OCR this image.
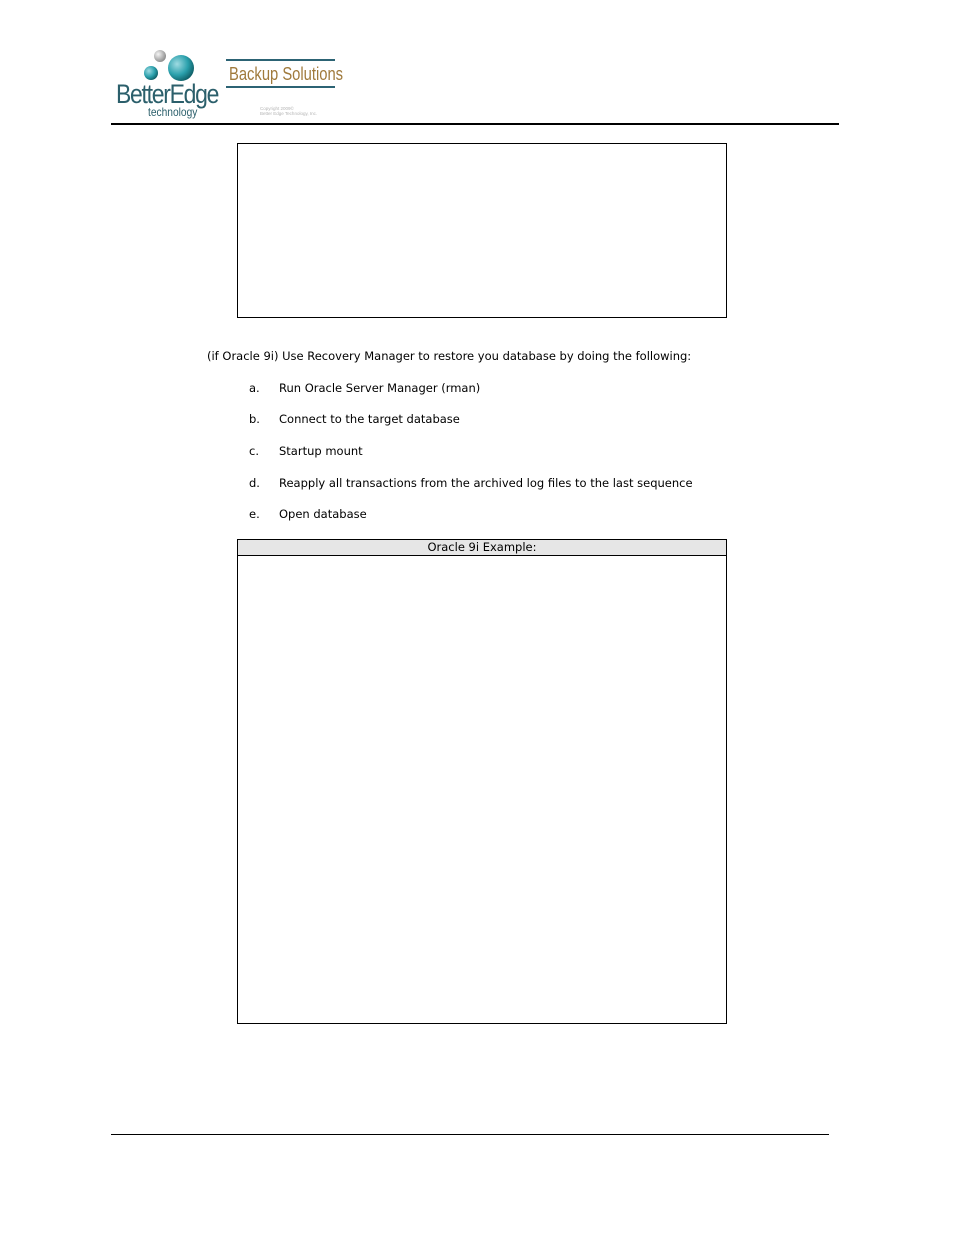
BetterEdge
technology
Backup Solutions
Copyright 2009©
Better Edge Technology, Inc.
(if Oracle 9i) Use Recovery Manager to restore you database by doing the following:
a. Run Oracle Server Manager (rman)
b. Connect to the target database
c. Startup mount
d. Reapply all transactions from the archived log files to the last sequence
e. Open database
Oracle 9i Example:
